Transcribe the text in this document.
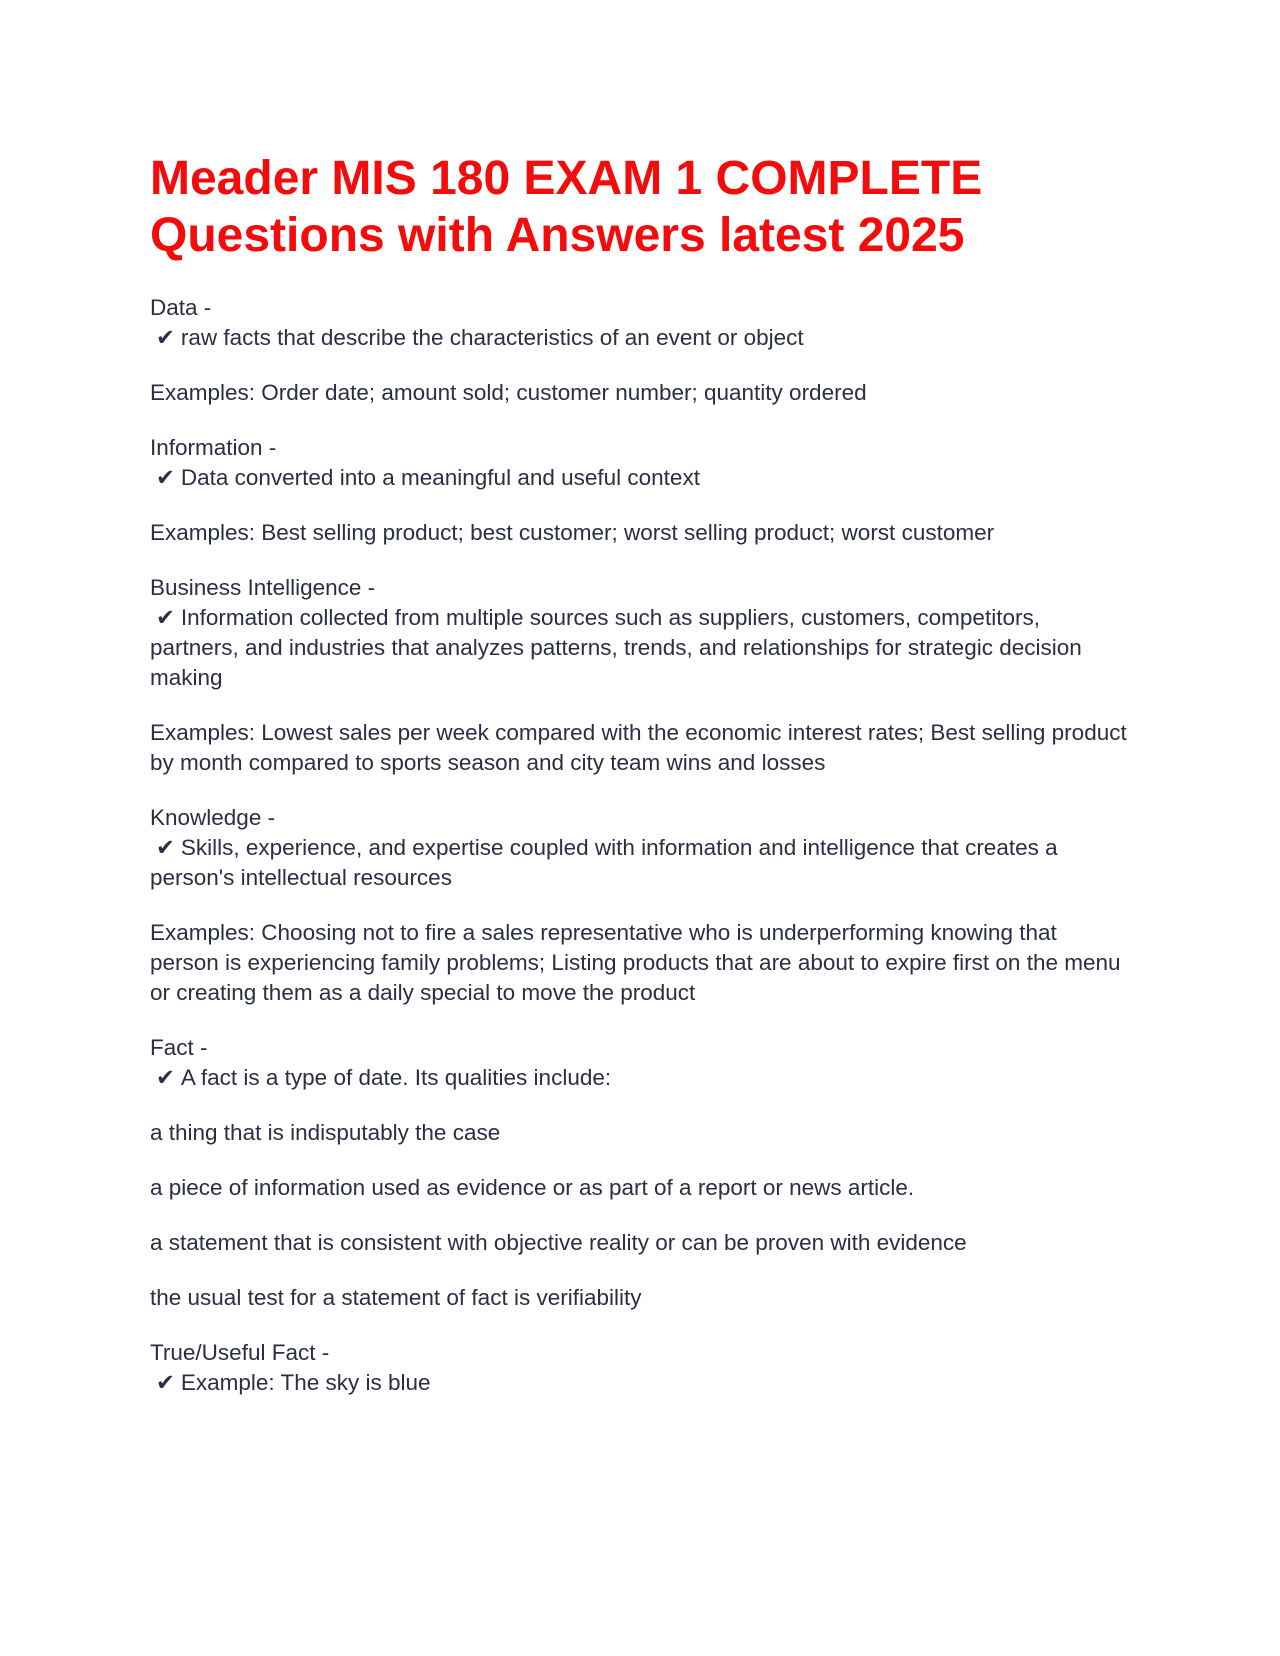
Meader MIS 180 EXAM 1 COMPLETE Questions with Answers latest 2025
Data -
✔ raw facts that describe the characteristics of an event or object
Examples: Order date; amount sold; customer number; quantity ordered
Information -
✔ Data converted into a meaningful and useful context
Examples: Best selling product; best customer; worst selling product; worst customer
Business Intelligence -
✔ Information collected from multiple sources such as suppliers, customers, competitors, partners, and industries that analyzes patterns, trends, and relationships for strategic decision making
Examples: Lowest sales per week compared with the economic interest rates; Best selling product by month compared to sports season and city team wins and losses
Knowledge -
✔ Skills, experience, and expertise coupled with information and intelligence that creates a person's intellectual resources
Examples: Choosing not to fire a sales representative who is underperforming knowing that person is experiencing family problems; Listing products that are about to expire first on the menu or creating them as a daily special to move the product
Fact -
✔ A fact is a type of date. Its qualities include:
a thing that is indisputably the case
a piece of information used as evidence or as part of a report or news article.
a statement that is consistent with objective reality or can be proven with evidence
the usual test for a statement of fact is verifiability
True/Useful Fact -
✔ Example: The sky is blue
